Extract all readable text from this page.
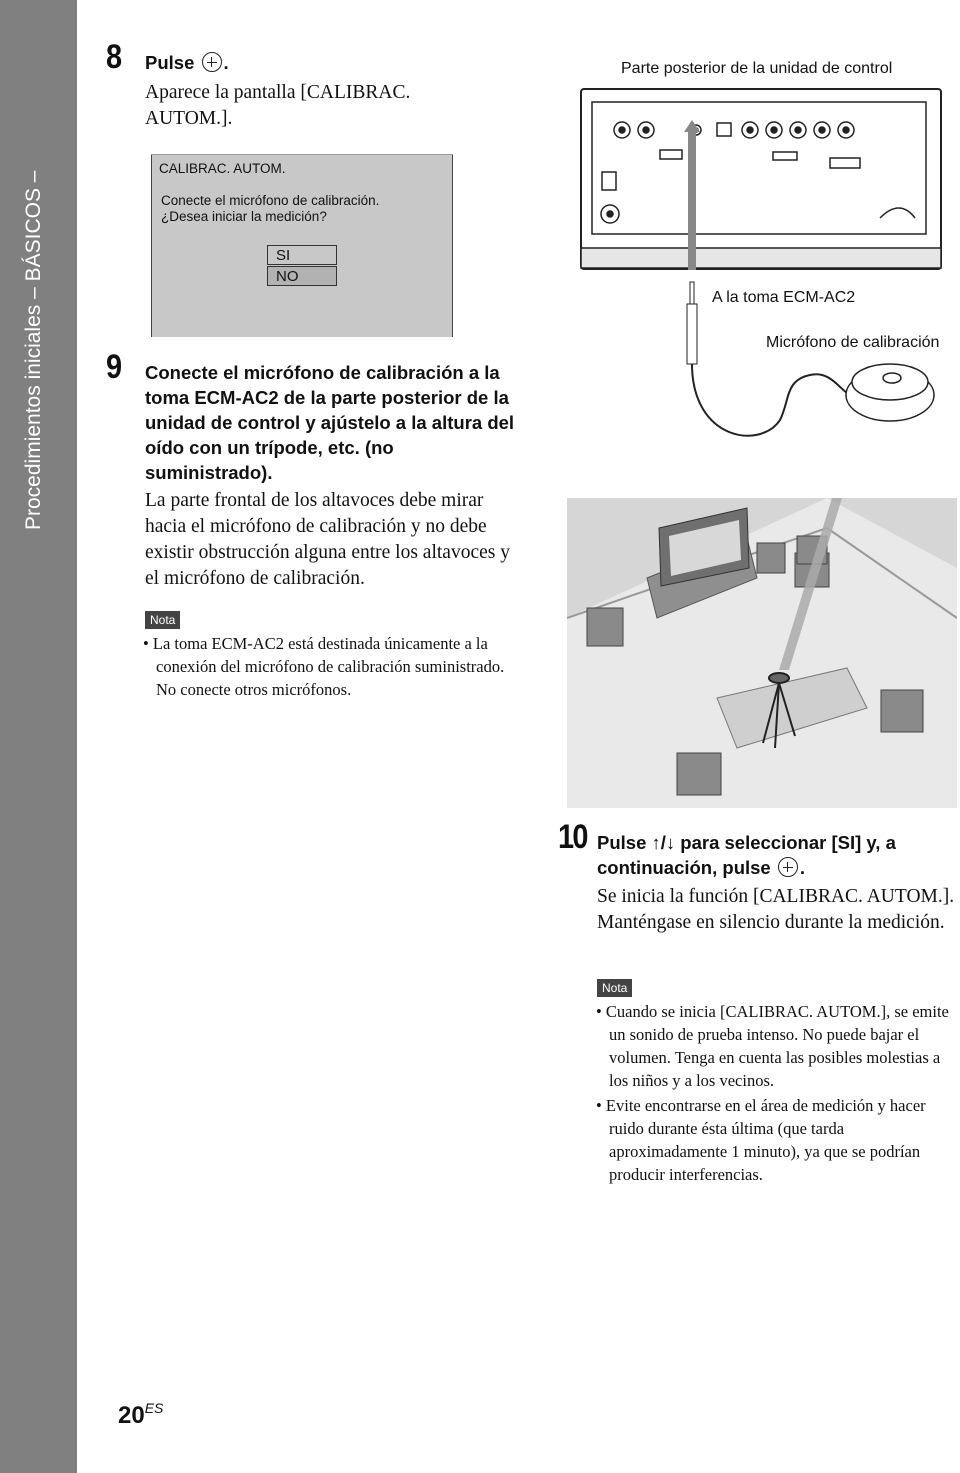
Procedimientos iniciales – BÁSICOS –
8 Pulse .
Aparece la pantalla [CALIBRAC. AUTOM.].
CALIBRAC. AUTOM.
Conecte el micrófono de calibración.
¿Desea iniciar la medición?
SI
NO
9 Conecte el micrófono de calibración a la toma ECM-AC2 de la parte posterior de la unidad de control y ajústelo a la altura del oído con un trípode, etc. (no suministrado).
La parte frontal de los altavoces debe mirar hacia el micrófono de calibración y no debe existir obstrucción alguna entre los altavoces y el micrófono de calibración.
Nota
• La toma ECM-AC2 está destinada únicamente a la conexión del micrófono de calibración suministrado. No conecte otros micrófonos.
Parte posterior de la unidad de control
A la toma ECM-AC2
Micrófono de calibración
10 Pulse ↑/↓ para seleccionar [SI] y, a
continuación, pulse .
Se inicia la función [CALIBRAC. AUTOM.]. Manténgase en silencio durante la medición.
Nota
• Cuando se inicia [CALIBRAC. AUTOM.], se emite un sonido de prueba intenso. No puede bajar el volumen. Tenga en cuenta las posibles molestias a los niños y a los vecinos.
• Evite encontrarse en el área de medición y hacer ruido durante ésta última (que tarda aproximadamente 1 minuto), ya que se podrían producir interferencias.
$20^{ES}$
